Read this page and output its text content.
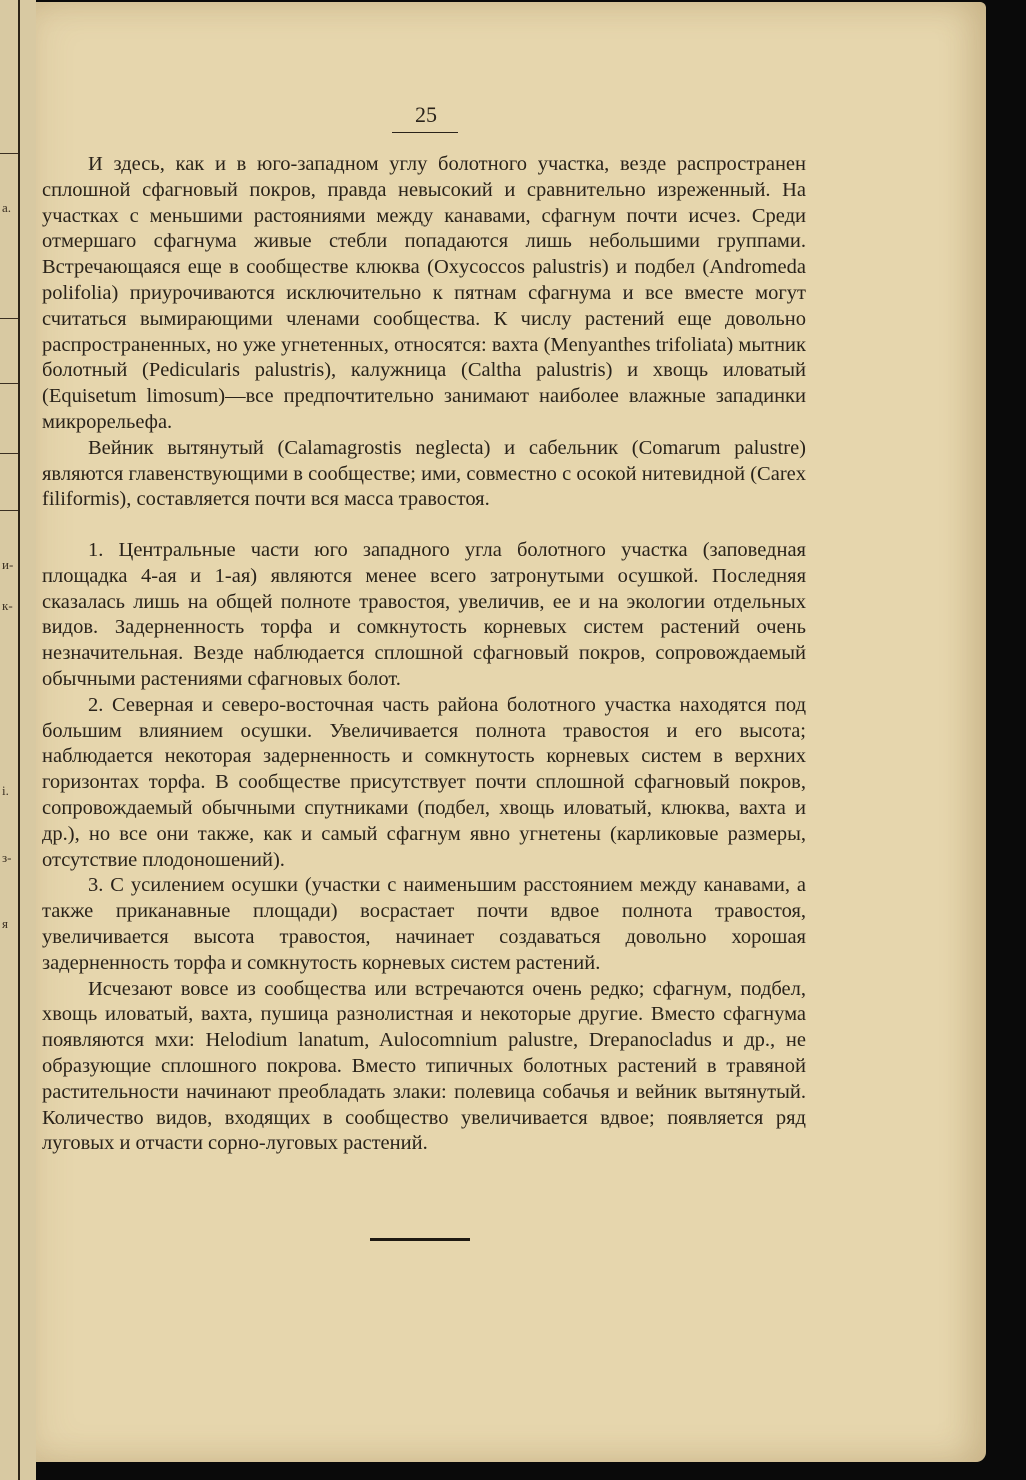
а.
и-
к-
і.
з-
я
25

И здесь, как и в юго-западном углу болотного участка, везде распространен сплошной сфагновый покров, правда невысокий и сравнительно изреженный. На участках с меньшими растояниями между канавами, сфагнум почти исчез. Среди отмершаго сфагнума живые стебли попадаются лишь небольшими группами. Встречающаяся еще в сообществе клюква (Oxycoccos palustris) и подбел (Andromeda polifolia) приурочиваются исключительно к пятнам сфагнума и все вместе могут считаться вымирающими членами сообщества. К числу растений еще довольно распространенных, но уже угнетенных, относятся: вахта (Menyanthes trifoliata) мытник болотный (Pedicularis palustris), калужница (Caltha palustris) и хвощь иловатый (Equisetum limosum)—все предпочтительно занимают наиболее влажные западинки микрорельефа.

Вейник вытянутый (Calamagrostis neglecta) и сабельник (Comarum palustre) являются главенствующими в сообществе; ими, совместно с осокой нитевидной (Carex filiformis), составляется почти вся масса травостоя.

1. Центральные части юго западного угла болотного участка (заповедная площадка 4-ая и 1-ая) являются менее всего затронутыми осушкой. Последняя сказалась лишь на общей полноте травостоя, увеличив, ее и на экологии отдельных видов. Задерненность торфа и сомкнутость корневых систем растений очень незначительная. Везде наблюдается сплошной сфагновый покров, сопровождаемый обычными растениями сфагновых болот.

2. Северная и северо-восточная часть района болотного участка находятся под большим влиянием осушки. Увеличивается полнота травостоя и его высота; наблюдается некоторая задерненность и сомкнутость корневых систем в верхних горизонтах торфа. В сообществе присутствует почти сплошной сфагновый покров, сопровождаемый обычными спутниками (подбел, хвощь иловатый, клюква, вахта и др.), но все они также, как и самый сфагнум явно угнетены (карликовые размеры, отсутствие плодоношений).

3. С усилением осушки (участки с наименьшим расстоянием между канавами, а также приканавные площади) восрастает почти вдвое полнота травостоя, увеличивается высота травостоя, начинает создаваться довольно хорошая задерненность торфа и сомкнутость корневых систем растений.

Исчезают вовсе из сообщества или встречаются очень редко; сфагнум, подбел, хвощь иловатый, вахта, пушица разнолистная и некоторые другие. Вместо сфагнума появляются мхи: Helodium lanatum, Aulocomnium palustre, Drepanocladus и др., не образующие сплошного покрова. Вместо типичных болотных растений в травяной растительности начинают преобладать злаки: полевица собачья и вейник вытянутый. Количество видов, входящих в сообщество увеличивается вдвое; появляется ряд луговых и отчасти сорно-луговых растений.
